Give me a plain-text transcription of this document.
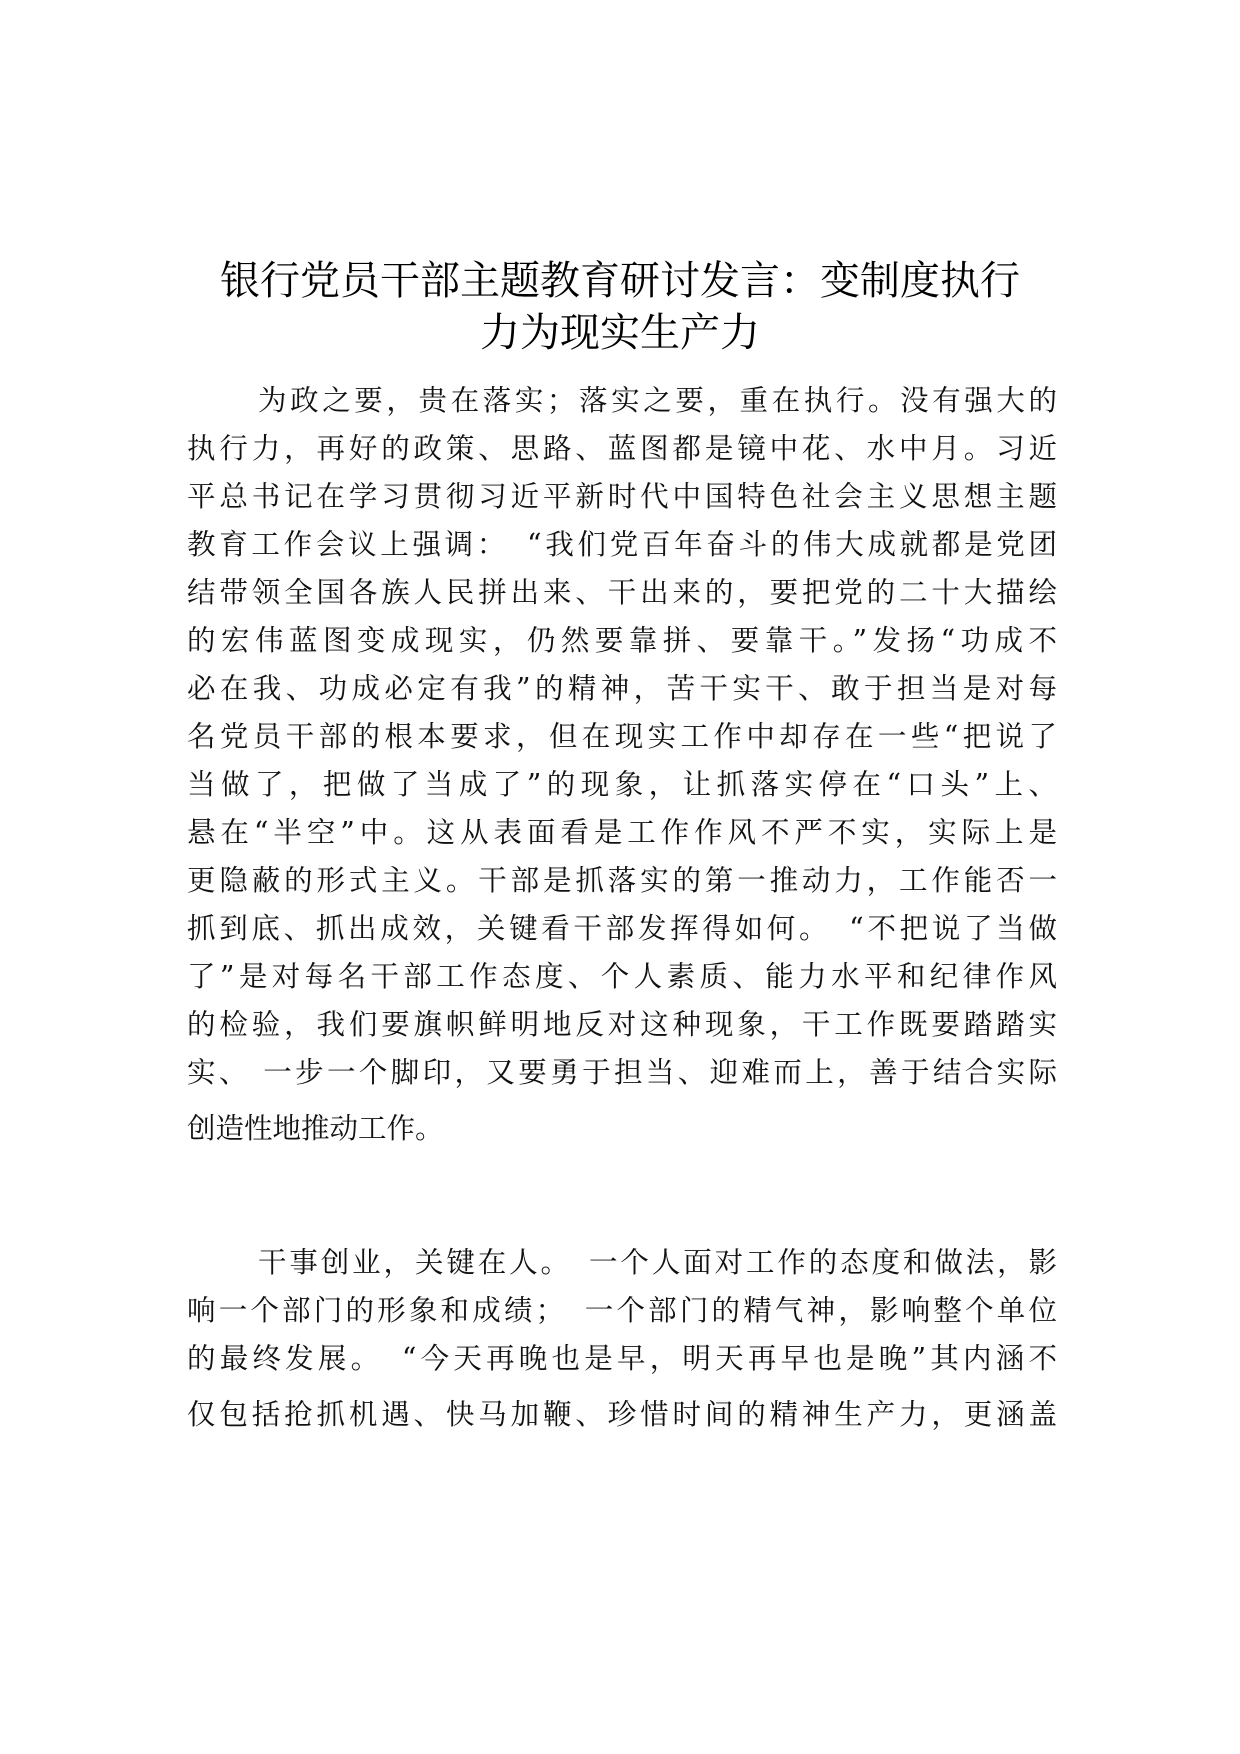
银行党员干部主题教育研讨发言：变制度执行
力为现实生产力
为政之要，贵在落实；落实之要，重在执行。没有强大的
执行力，再好的政策、思路、蓝图都是镜中花、水中月。习近
平总书记在学习贯彻习近平新时代中国特色社会主义思想主题
教育工作会议上强调：　“我们党百年奋斗的伟大成就都是党团
结带领全国各族人民拼出来、干出来的，要把党的二十大描绘
的宏伟蓝图变成现实，仍然要靠拼、要靠干。”发扬“功成不
必在我、功成必定有我”的精神，苦干实干、敢于担当是对每
名党员干部的根本要求，但在现实工作中却存在一些“把说了
当做了，把做了当成了”的现象，让抓落实停在“口头”上、
悬在“半空”中。这从表面看是工作作风不严不实，实际上是
更隐蔽的形式主义。干部是抓落实的第一推动力，工作能否一
抓到底、抓出成效，关键看干部发挥得如何。　“不把说了当做
了”是对每名干部工作态度、个人素质、能力水平和纪律作风
的检验，我们要旗帜鲜明地反对这种现象，干工作既要踏踏实
实、 一步一个脚印，又要勇于担当、迎难而上，善于结合实际
创造性地推动工作。
干事创业，关键在人。　一个人面对工作的态度和做法，影
响一个部门的形象和成绩；　一个部门的精气神，影响整个单位
的最终发展。　“今天再晚也是早，明天再早也是晚”其内涵不
仅包括抢抓机遇、快马加鞭、珍惜时间的精神生产力，更涵盖
